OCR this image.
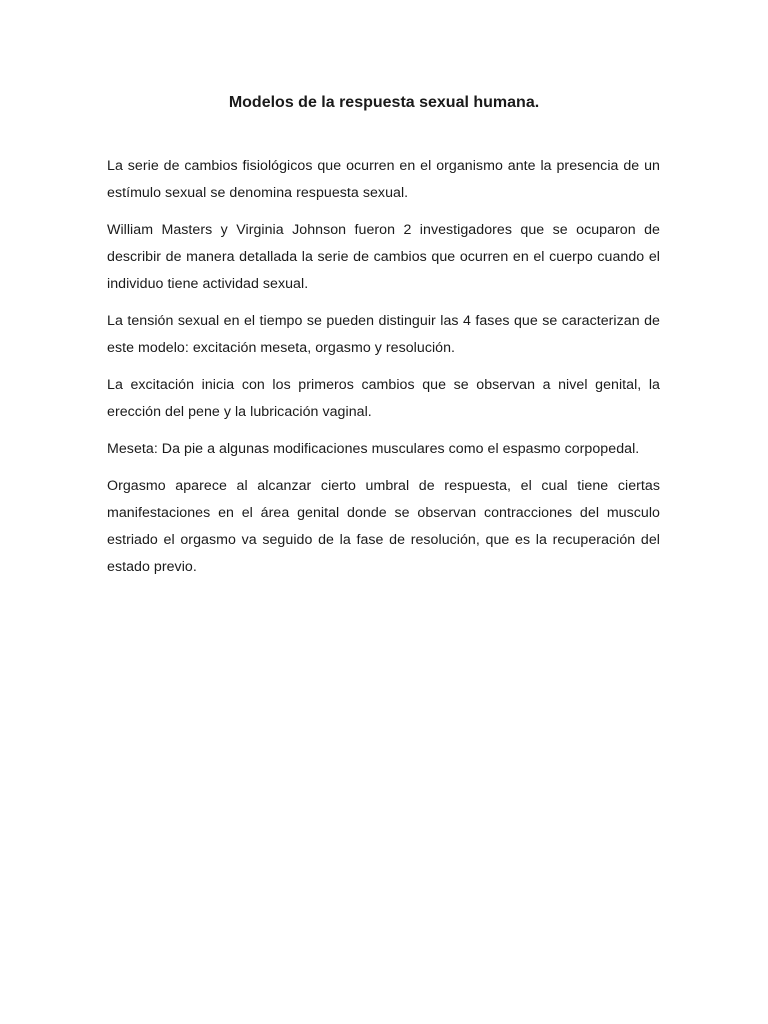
Modelos de la respuesta sexual humana.

La serie de cambios fisiológicos que ocurren en el organismo ante la presencia de un estímulo sexual se denomina respuesta sexual.

William Masters y Virginia Johnson fueron 2 investigadores que se ocuparon de describir de manera detallada la serie de cambios que ocurren en el cuerpo cuando el individuo tiene actividad sexual.

La tensión sexual en el tiempo se pueden distinguir las 4 fases que se caracterizan de este modelo: excitación meseta, orgasmo y resolución.

La excitación inicia con los primeros cambios que se observan a nivel genital, la erección del pene y la lubricación vaginal.

Meseta: Da pie a algunas modificaciones musculares como el espasmo corpopedal.

Orgasmo aparece al alcanzar cierto umbral de respuesta, el cual tiene ciertas manifestaciones en el área genital donde se observan contracciones del musculo estriado el orgasmo va seguido de la fase de resolución, que es la recuperación del estado previo.
